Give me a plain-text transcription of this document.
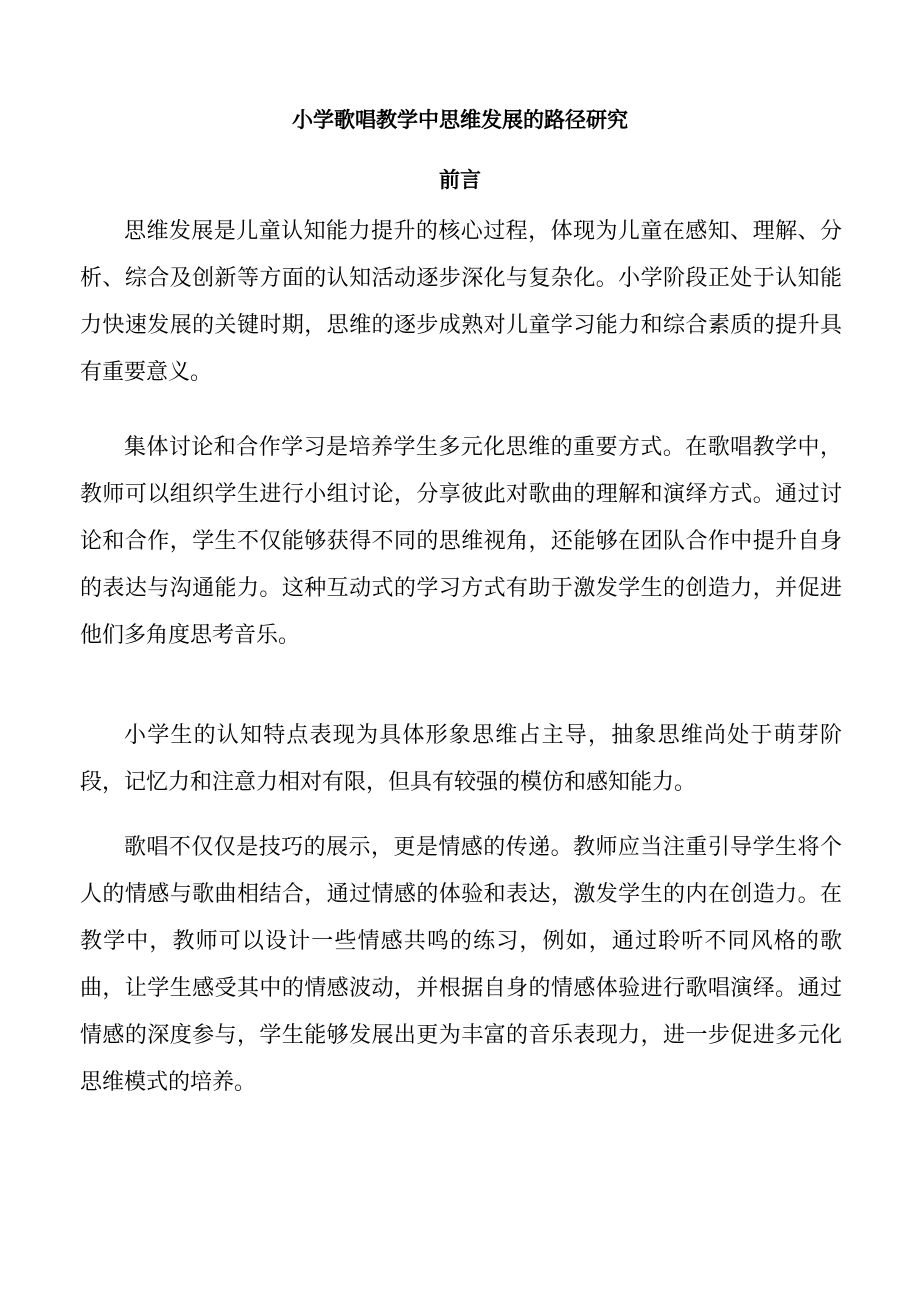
小学歌唱教学中思维发展的路径研究
前言

思维发展是儿童认知能力提升的核心过程，体现为儿童在感知、理解、分析、综合及创新等方面的认知活动逐步深化与复杂化。小学阶段正处于认知能力快速发展的关键时期，思维的逐步成熟对儿童学习能力和综合素质的提升具有重要意义。

集体讨论和合作学习是培养学生多元化思维的重要方式。在歌唱教学中，教师可以组织学生进行小组讨论，分享彼此对歌曲的理解和演绎方式。通过讨论和合作，学生不仅能够获得不同的思维视角，还能够在团队合作中提升自身的表达与沟通能力。这种互动式的学习方式有助于激发学生的创造力，并促进他们多角度思考音乐。

小学生的认知特点表现为具体形象思维占主导，抽象思维尚处于萌芽阶段，记忆力和注意力相对有限，但具有较强的模仿和感知能力。

歌唱不仅仅是技巧的展示，更是情感的传递。教师应当注重引导学生将个人的情感与歌曲相结合，通过情感的体验和表达，激发学生的内在创造力。在教学中，教师可以设计一些情感共鸣的练习，例如，通过聆听不同风格的歌曲，让学生感受其中的情感波动，并根据自身的情感体验进行歌唱演绎。通过情感的深度参与，学生能够发展出更为丰富的音乐表现力，进一步促进多元化思维模式的培养。
